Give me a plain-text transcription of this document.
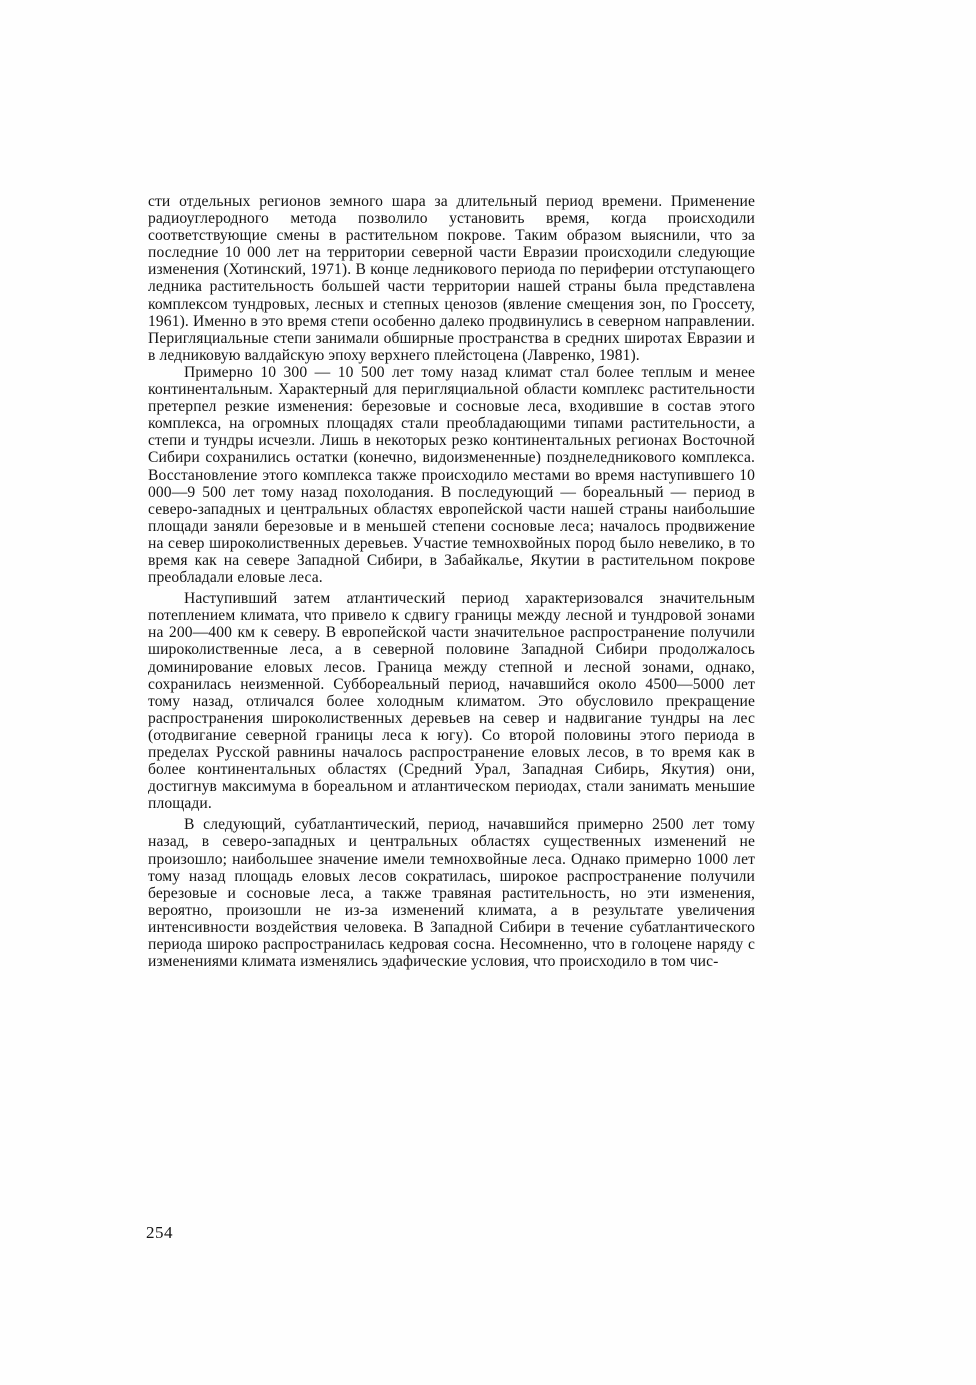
сти отдельных регионов земного шара за длительный период времени. Применение радиоуглеродного метода позволило установить время, когда происходили соответствующие смены в растительном покрове. Таким образом выяснили, что за последние 10 000 лет на территории северной части Евразии происходили следующие изменения (Хотинский, 1971). В конце ледникового периода по периферии отступающего ледника растительность большей части территории нашей страны была представлена комплексом тундровых, лесных и степных ценозов (явление смещения зон, по Гроссету, 1961). Именно в это время степи особенно далеко продвинулись в северном направлении. Перигляциальные степи занимали обширные пространства в средних широтах Евразии и в ледниковую валдайскую эпоху верхнего плейстоцена (Лавренко, 1981).

Примерно 10 300 — 10 500 лет тому назад климат стал более теплым и менее континентальным. Характерный для перигляциальной области комплекс растительности претерпел резкие изменения: березовые и сосновые леса, входившие в состав этого комплекса, на огромных площадях стали преобладающими типами растительности, а степи и тундры исчезли. Лишь в некоторых резко континентальных регионах Восточной Сибири сохранились остатки (конечно, видоизмененные) позднеледникового комплекса. Восстановление этого комплекса также происходило местами во время наступившего 10 000—9 500 лет тому назад похолодания. В последующий — бореальный — период в северо-западных и центральных областях европейской части нашей страны наибольшие площади заняли березовые и в меньшей степени сосновые леса; началось продвижение на север широколиственных деревьев. Участие темнохвойных пород было невелико, в то время как на севере Западной Сибири, в Забайкалье, Якутии в растительном покрове преобладали еловые леса.

Наступивший затем атлантический период характеризовался значительным потеплением климата, что привело к сдвигу границы между лесной и тундровой зонами на 200—400 км к северу. В европейской части значительное распространение получили широколиственные леса, а в северной половине Западной Сибири продолжалось доминирование еловых лесов. Граница между степной и лесной зонами, однако, сохранилась неизменной. Суббореальный период, начавшийся около 4500—5000 лет тому назад, отличался более холодным климатом. Это обусловило прекращение распространения широколиственных деревьев на север и надвигание тундры на лес (отодвигание северной границы леса к югу). Со второй половины этого периода в пределах Русской равнины началось распространение еловых лесов, в то время как в более континентальных областях (Средний Урал, Западная Сибирь, Якутия) они, достигнув максимума в бореальном и атлантическом периодах, стали занимать меньшие площади.

В следующий, субатлантический, период, начавшийся примерно 2500 лет тому назад, в северо-западных и центральных областях существенных изменений не произошло; наибольшее значение имели темнохвойные леса. Однако примерно 1000 лет тому назад площадь еловых лесов сократилась, широкое распространение получили березовые и сосновые леса, а также травяная растительность, но эти изменения, вероятно, произошли не из-за изменений климата, а в результате увеличения интенсивности воздействия человека. В Западной Сибири в течение субатлантического периода широко распространилась кедровая сосна. Несомненно, что в голоцене наряду с изменениями климата изменялись эдафические условия, что происходило в том чис-

254
